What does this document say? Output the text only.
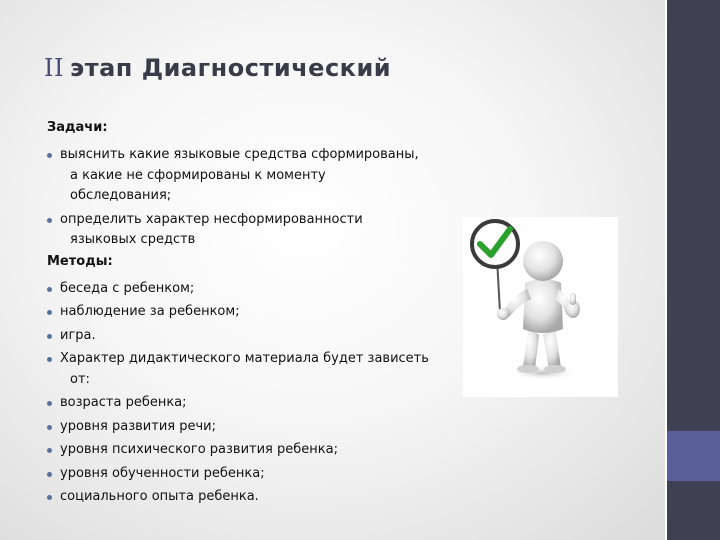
II этап Диагностический
Задачи:
выяснить какие языковые средства сформированы,
а какие не сформированы к моменту
обследования;
определить характер несформированности
языковых средств
Методы:
беседа с ребенком;
наблюдение за ребенком;
игра.
Характер дидактического материала будет зависеть
от:
возраста ребенка;
уровня развития речи;
уровня психического развития ребенка;
уровня обученности ребенка;
социального опыта ребенка.
